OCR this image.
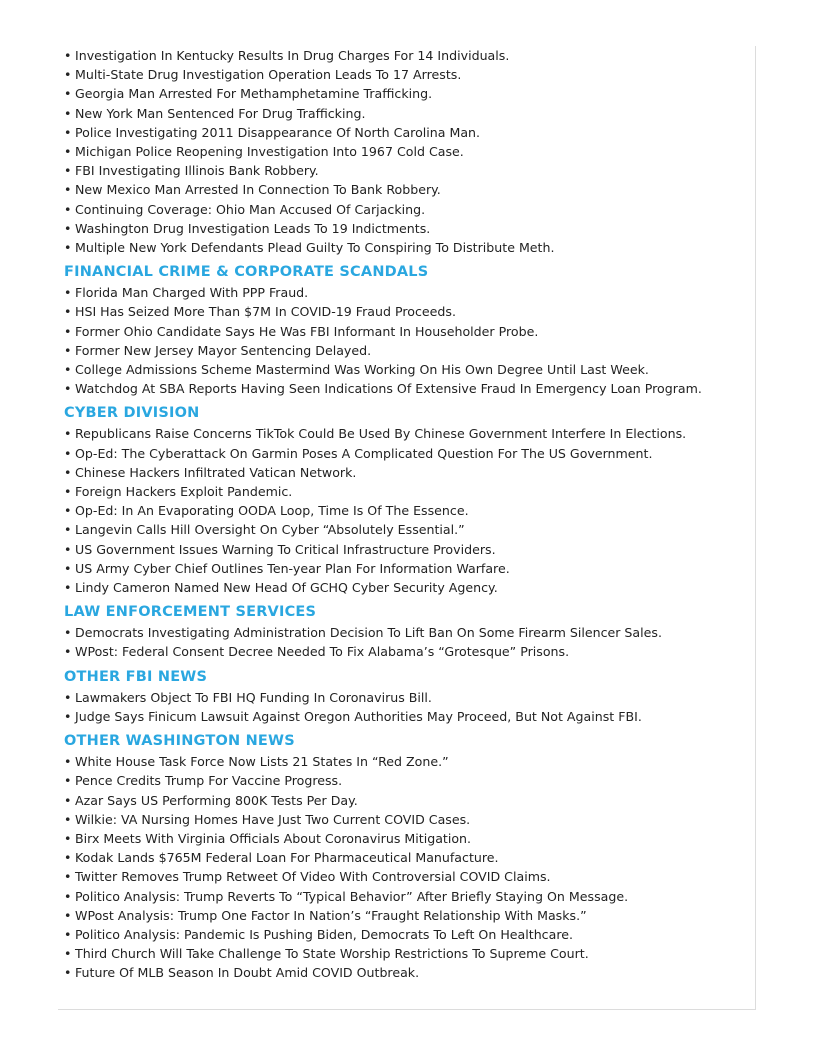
• Investigation In Kentucky Results In Drug Charges For 14 Individuals.
• Multi-State Drug Investigation Operation Leads To 17 Arrests.
• Georgia Man Arrested For Methamphetamine Trafficking.
• New York Man Sentenced For Drug Trafficking.
• Police Investigating 2011 Disappearance Of North Carolina Man.
• Michigan Police Reopening Investigation Into 1967 Cold Case.
• FBI Investigating Illinois Bank Robbery.
• New Mexico Man Arrested In Connection To Bank Robbery.
• Continuing Coverage: Ohio Man Accused Of Carjacking.
• Washington Drug Investigation Leads To 19 Indictments.
• Multiple New York Defendants Plead Guilty To Conspiring To Distribute Meth.
FINANCIAL CRIME & CORPORATE SCANDALS
• Florida Man Charged With PPP Fraud.
• HSI Has Seized More Than $7M In COVID-19 Fraud Proceeds.
• Former Ohio Candidate Says He Was FBI Informant In Householder Probe.
• Former New Jersey Mayor Sentencing Delayed.
• College Admissions Scheme Mastermind Was Working On His Own Degree Until Last Week.
• Watchdog At SBA Reports Having Seen Indications Of Extensive Fraud In Emergency Loan Program.
CYBER DIVISION
• Republicans Raise Concerns TikTok Could Be Used By Chinese Government Interfere In Elections.
• Op-Ed: The Cyberattack On Garmin Poses A Complicated Question For The US Government.
• Chinese Hackers Infiltrated Vatican Network.
• Foreign Hackers Exploit Pandemic.
• Op-Ed: In An Evaporating OODA Loop, Time Is Of The Essence.
• Langevin Calls Hill Oversight On Cyber “Absolutely Essential.”
• US Government Issues Warning To Critical Infrastructure Providers.
• US Army Cyber Chief Outlines Ten-year Plan For Information Warfare.
• Lindy Cameron Named New Head Of GCHQ Cyber Security Agency.
LAW ENFORCEMENT SERVICES
• Democrats Investigating Administration Decision To Lift Ban On Some Firearm Silencer Sales.
• WPost: Federal Consent Decree Needed To Fix Alabama’s “Grotesque” Prisons.
OTHER FBI NEWS
• Lawmakers Object To FBI HQ Funding In Coronavirus Bill.
• Judge Says Finicum Lawsuit Against Oregon Authorities May Proceed, But Not Against FBI.
OTHER WASHINGTON NEWS
• White House Task Force Now Lists 21 States In “Red Zone.”
• Pence Credits Trump For Vaccine Progress.
• Azar Says US Performing 800K Tests Per Day.
• Wilkie: VA Nursing Homes Have Just Two Current COVID Cases.
• Birx Meets With Virginia Officials About Coronavirus Mitigation.
• Kodak Lands $765M Federal Loan For Pharmaceutical Manufacture.
• Twitter Removes Trump Retweet Of Video With Controversial COVID Claims.
• Politico Analysis: Trump Reverts To “Typical Behavior” After Briefly Staying On Message.
• WPost Analysis: Trump One Factor In Nation’s “Fraught Relationship With Masks.”
• Politico Analysis: Pandemic Is Pushing Biden, Democrats To Left On Healthcare.
• Third Church Will Take Challenge To State Worship Restrictions To Supreme Court.
• Future Of MLB Season In Doubt Amid COVID Outbreak.
